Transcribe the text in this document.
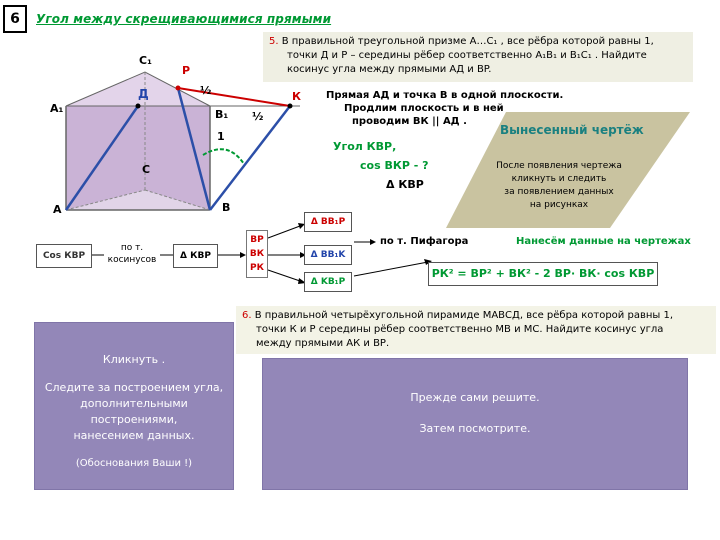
6	Угол между скрещивающимися прямыми
5. В правильной треугольной призме A…C₁ , все рёбра которой равны 1,
точки Д и Р – середины рёбер соответственно A₁B₁ и B₁C₁ . Найдите
косинус угла между прямыми АД и BP.
C₁
P
Д	½
A₁	B₁ ½
К
1
C
A	B
Прямая АД и точка B в одной плоскости.
Продлим плоскость и в ней
проводим ВК || АД .
Угол КВР,
cos ВКР - ?
Δ КВР
Вынесенный чертёж
После появления чертежа
кликнуть и следить
за появлением данных
на рисунках
Cos КВР
по т.
косинусов	Δ КВР
ВР
ВК
РК
Δ BB₁P
Δ BB₁K
Δ KB₁P
по т. Пифагора	Нанесём данные на чертежах
РК² = ВР² + ВК² - 2 ВР· ВК· cos КВР
6. В правильной четырёхугольной пирамиде МАВСД, все рёбра которой равны 1,
точки К и Р середины рёбер соответственно МВ и МС. Найдите косинус угла
между прямыми АК и ВР.

Кликнуть .

Следите за построением угла,
дополнительными
построениями,
нанесением данных.

(Обоснования Ваши !)

Прежде сами решите.

Затем посмотрите.
